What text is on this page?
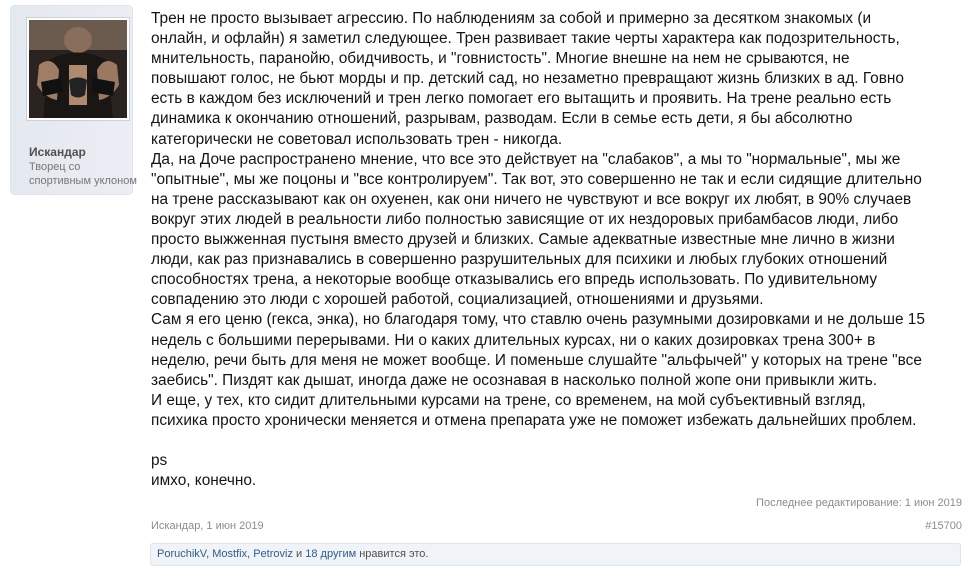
Искандар
Творец со спортивным уклоном
Трен не просто вызывает агрессию. По наблюдениям за собой и примерно за десятком знакомых (и
онлайн, и офлайн) я заметил следующее. Трен развивает такие черты характера как подозрительность,
мнительность, паранойю, обидчивость, и "говнистость". Многие внешне на нем не срываются, не
повышают голос, не бьют морды и пр. детский сад, но незаметно превращают жизнь близких в ад. Говно
есть в каждом без исключений и трен легко помогает его вытащить и проявить. На трене реально есть
динамика к окончанию отношений, разрывам, разводам. Если в семье есть дети, я бы абсолютно
категорически не советовал использовать трен - никогда.
Да, на Доче распространено мнение, что все это действует на "слабаков", а мы то "нормальные", мы же
"опытные", мы же поцоны и "все контролируем". Так вот, это совершенно не так и если сидящие длительно
на трене рассказывают как он охуенен, как они ничего не чувствуют и все вокруг их любят, в 90% случаев
вокруг этих людей в реальности либо полностью зависящие от их нездоровых прибамбасов люди, либо
просто выжженная пустыня вместо друзей и близких. Самые адекватные известные мне лично в жизни
люди, как раз признавались в совершенно разрушительных для психики и любых глубоких отношений
способностях трена, а некоторые вообще отказывались его впредь использовать. По удивительному
совпадению это люди с хорошей работой, социализацией, отношениями и друзьями.
Сам я его ценю (гекса, энка), но благодаря тому, что ставлю очень разумными дозировками и не дольше 15
недель с большими перерывами. Ни о каких длительных курсах, ни о каких дозировках трена 300+ в
неделю, речи быть для меня не может вообще. И поменьше слушайте "альфычей" у которых на трене "все
заебись". Пиздят как дышат, иногда даже не осознавая в насколько полной жопе они привыкли жить.
И еще, у тех, кто сидит длительными курсами на трене, со временем, на мой субъективный взгляд,
психика просто хронически меняется и отмена препарата уже не поможет избежать дальнейших проблем.
ps
имхо, конечно.
Последнее редактирование: 1 июн 2019
Искандар, 1 июн 2019	#15700
PoruchikV, Mostfix, Petroviz и 18 другим нравится это.
